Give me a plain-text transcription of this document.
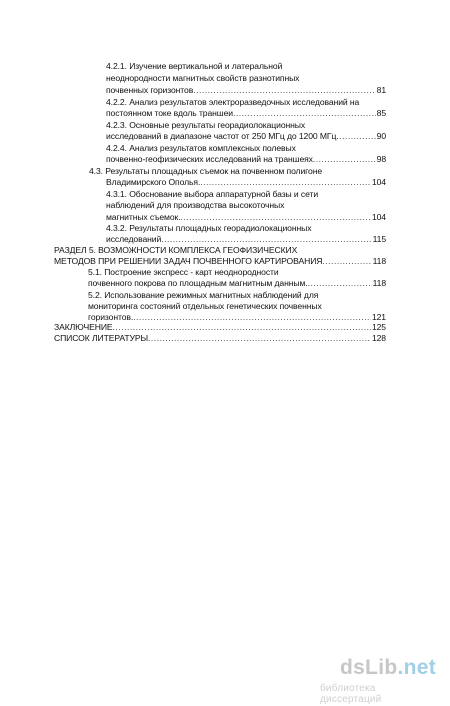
4.2.1. Изучение вертикальной и латеральной
неоднородности магнитных свойств разнотипных
почвенных горизонтов .....	81
4.2.2. Анализ результатов электроразведочных исследований на
постоянном токе вдоль траншеи .....	85
4.2.3. Основные результаты георадиолокационных
исследований в диапазоне частот от 250 МГц до 1200 МГц .....	90
4.2.4. Анализ результатов комплексных полевых
почвенно-геофизических исследований на траншеях .....	98
4.3. Результаты площадных съемок на почвенном полигоне
Владимирского Ополья. .....	104
4.3.1. Обоснование выбора аппаратурной базы и сети
наблюдений для производства высокоточных
магнитных съемок. .....	104
4.3.2. Результаты площадных георадиолокационных
исследований .....	115
РАЗДЕЛ 5. ВОЗМОЖНОСТИ КОМПЛЕКСА ГЕОФИЗИЧЕСКИХ
МЕТОДОВ ПРИ РЕШЕНИИ ЗАДАЧ ПОЧВЕННОГО КАРТИРОВАНИЯ .....	118
5.1. Построение экспресс - карт неоднородности
почвенного покрова по площадным магнитным данным. .....	118
5.2. Использование режимных магнитных наблюдений для
мониторинга состояний отдельных генетических почвенных
горизонтов. .....	121
ЗАКЛЮЧЕНИЕ .....	125
СПИСОК ЛИТЕРАТУРЫ .....	128
dsLib.net
библиотека диссертаций
